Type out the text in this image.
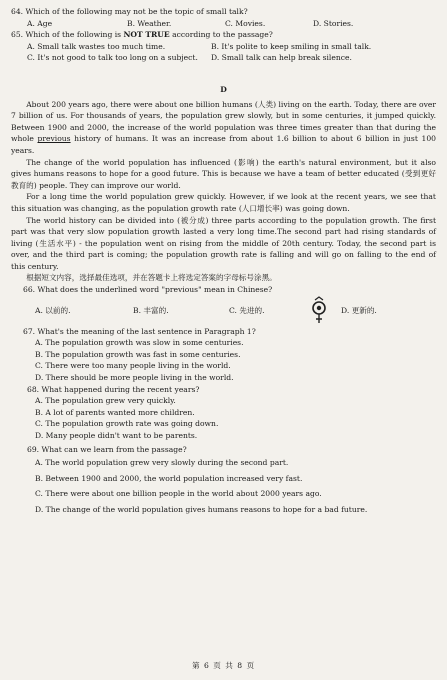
64. Which of the following may not be the topic of small talk?
A. Age	B. Weather.	C. Movies.	D. Stories.
65. Which of the following is NOT TRUE according to the passage?
A. Small talk wastes too much time.	B. It's polite to keep smiling in small talk.
C. It's not good to talk too long on a subject.	D. Small talk can help break silence.
D

About 200 years ago, there were about one billion humans (人类) living on the earth. Today, there are over 7 billion of us. For thousands of years, the population grew slowly, but in some centuries, it jumped quickly. Between 1900 and 2000, the increase of the world population was three times greater than that during the whole previous history of humans. It was an increase from about 1.6 billion to about 6 billion in just 100 years.

The change of the world population has influenced (影响) the earth's natural environment, but it also gives humans reasons to hope for a good future. This is because we have a team of better educated (受到更好教育的) people. They can improve our world.

For a long time the world population grew quickly. However, if we look at the recent years, we see that this situation was changing, as the population growth rate (人口增长率) was going down.

The world history can be divided into (被分成) three parts according to the population growth. The first part was that very slow population growth lasted a very long time.The second part had rising standards of living (生活水平) - the population went on rising from the middle of 20th century. Today, the second part is over, and the third part is coming; the population growth rate is falling and will go on falling to the end of this century.

根据短文内容，选择最佳选项，并在答题卡上将选定答案的字母标号涂黑。
66. What does the underlined word "previous" mean in Chinese?
A. 以前的.	B. 丰富的.	C. 先进的.	D. 更新的.
67. What's the meaning of the last sentence in Paragraph 1?
A. The population growth was slow in some centuries.
B. The population growth was fast in some centuries.
C. There were too many people living in the world.
D. There should be more people living in the world.
68. What happened during the recent years?
A. The population grew very quickly.
B. A lot of parents wanted more children.
C. The population growth rate was going down.
D. Many people didn't want to be parents.
69. What can we learn from the passage?
A. The world population grew very slowly during the second part.
B. Between 1900 and 2000, the world population increased very fast.
C. There were about one billion people in the world about 2000 years ago.
D. The change of the world population gives humans reasons to hope for a bad future.
第 6 页 共 8 页
